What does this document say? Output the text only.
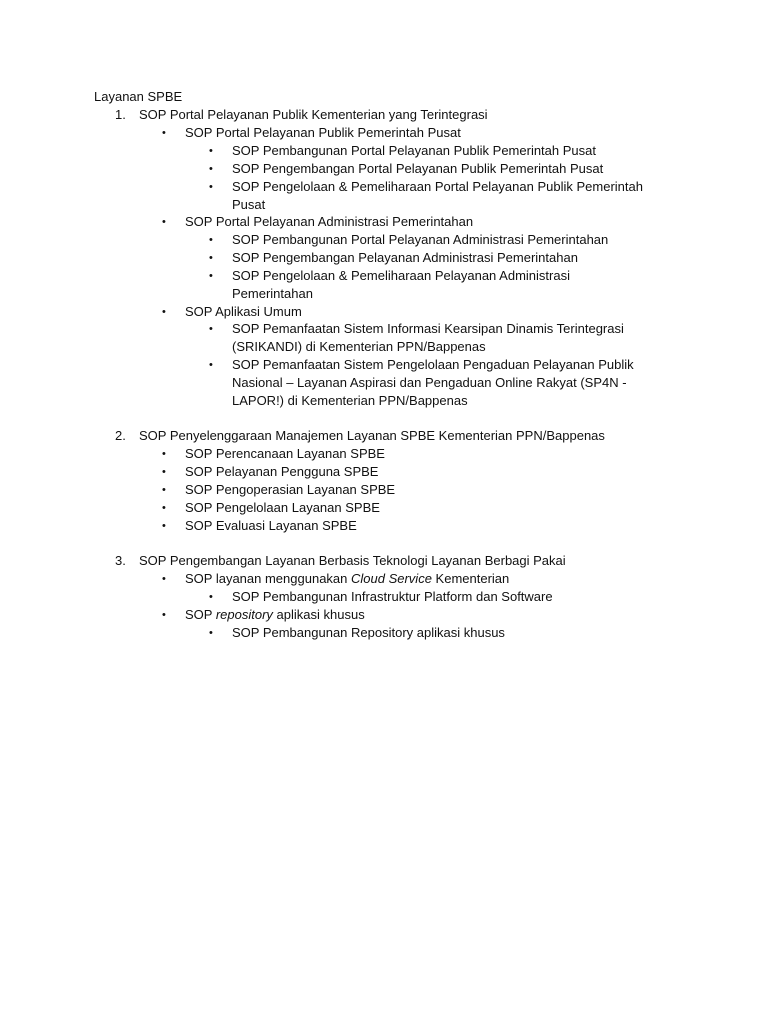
Layanan SPBE
1. SOP Portal Pelayanan Publik Kementerian yang Terintegrasi
• SOP Portal Pelayanan Publik Pemerintah Pusat
• SOP Pembangunan Portal Pelayanan Publik Pemerintah Pusat
• SOP Pengembangan Portal Pelayanan Publik Pemerintah Pusat
• SOP Pengelolaan & Pemeliharaan Portal Pelayanan Publik Pemerintah
Pusat
• SOP Portal Pelayanan Administrasi Pemerintahan
• SOP Pembangunan Portal Pelayanan Administrasi Pemerintahan
• SOP Pengembangan Pelayanan Administrasi Pemerintahan
• SOP Pengelolaan & Pemeliharaan Pelayanan Administrasi
Pemerintahan
• SOP Aplikasi Umum
• SOP Pemanfaatan Sistem Informasi Kearsipan Dinamis Terintegrasi
(SRIKANDI) di Kementerian PPN/Bappenas
• SOP Pemanfaatan Sistem Pengelolaan Pengaduan Pelayanan Publik
Nasional – Layanan Aspirasi dan Pengaduan Online Rakyat (SP4N -
LAPOR!) di Kementerian PPN/Bappenas
2. SOP Penyelenggaraan Manajemen Layanan SPBE Kementerian PPN/Bappenas
• SOP Perencanaan Layanan SPBE
• SOP Pelayanan Pengguna SPBE
• SOP Pengoperasian Layanan SPBE
• SOP Pengelolaan Layanan SPBE
• SOP Evaluasi Layanan SPBE
3. SOP Pengembangan Layanan Berbasis Teknologi Layanan Berbagi Pakai
• SOP layanan menggunakan Cloud Service Kementerian
• SOP Pembangunan Infrastruktur Platform dan Software
• SOP repository aplikasi khusus
• SOP Pembangunan Repository aplikasi khusus
